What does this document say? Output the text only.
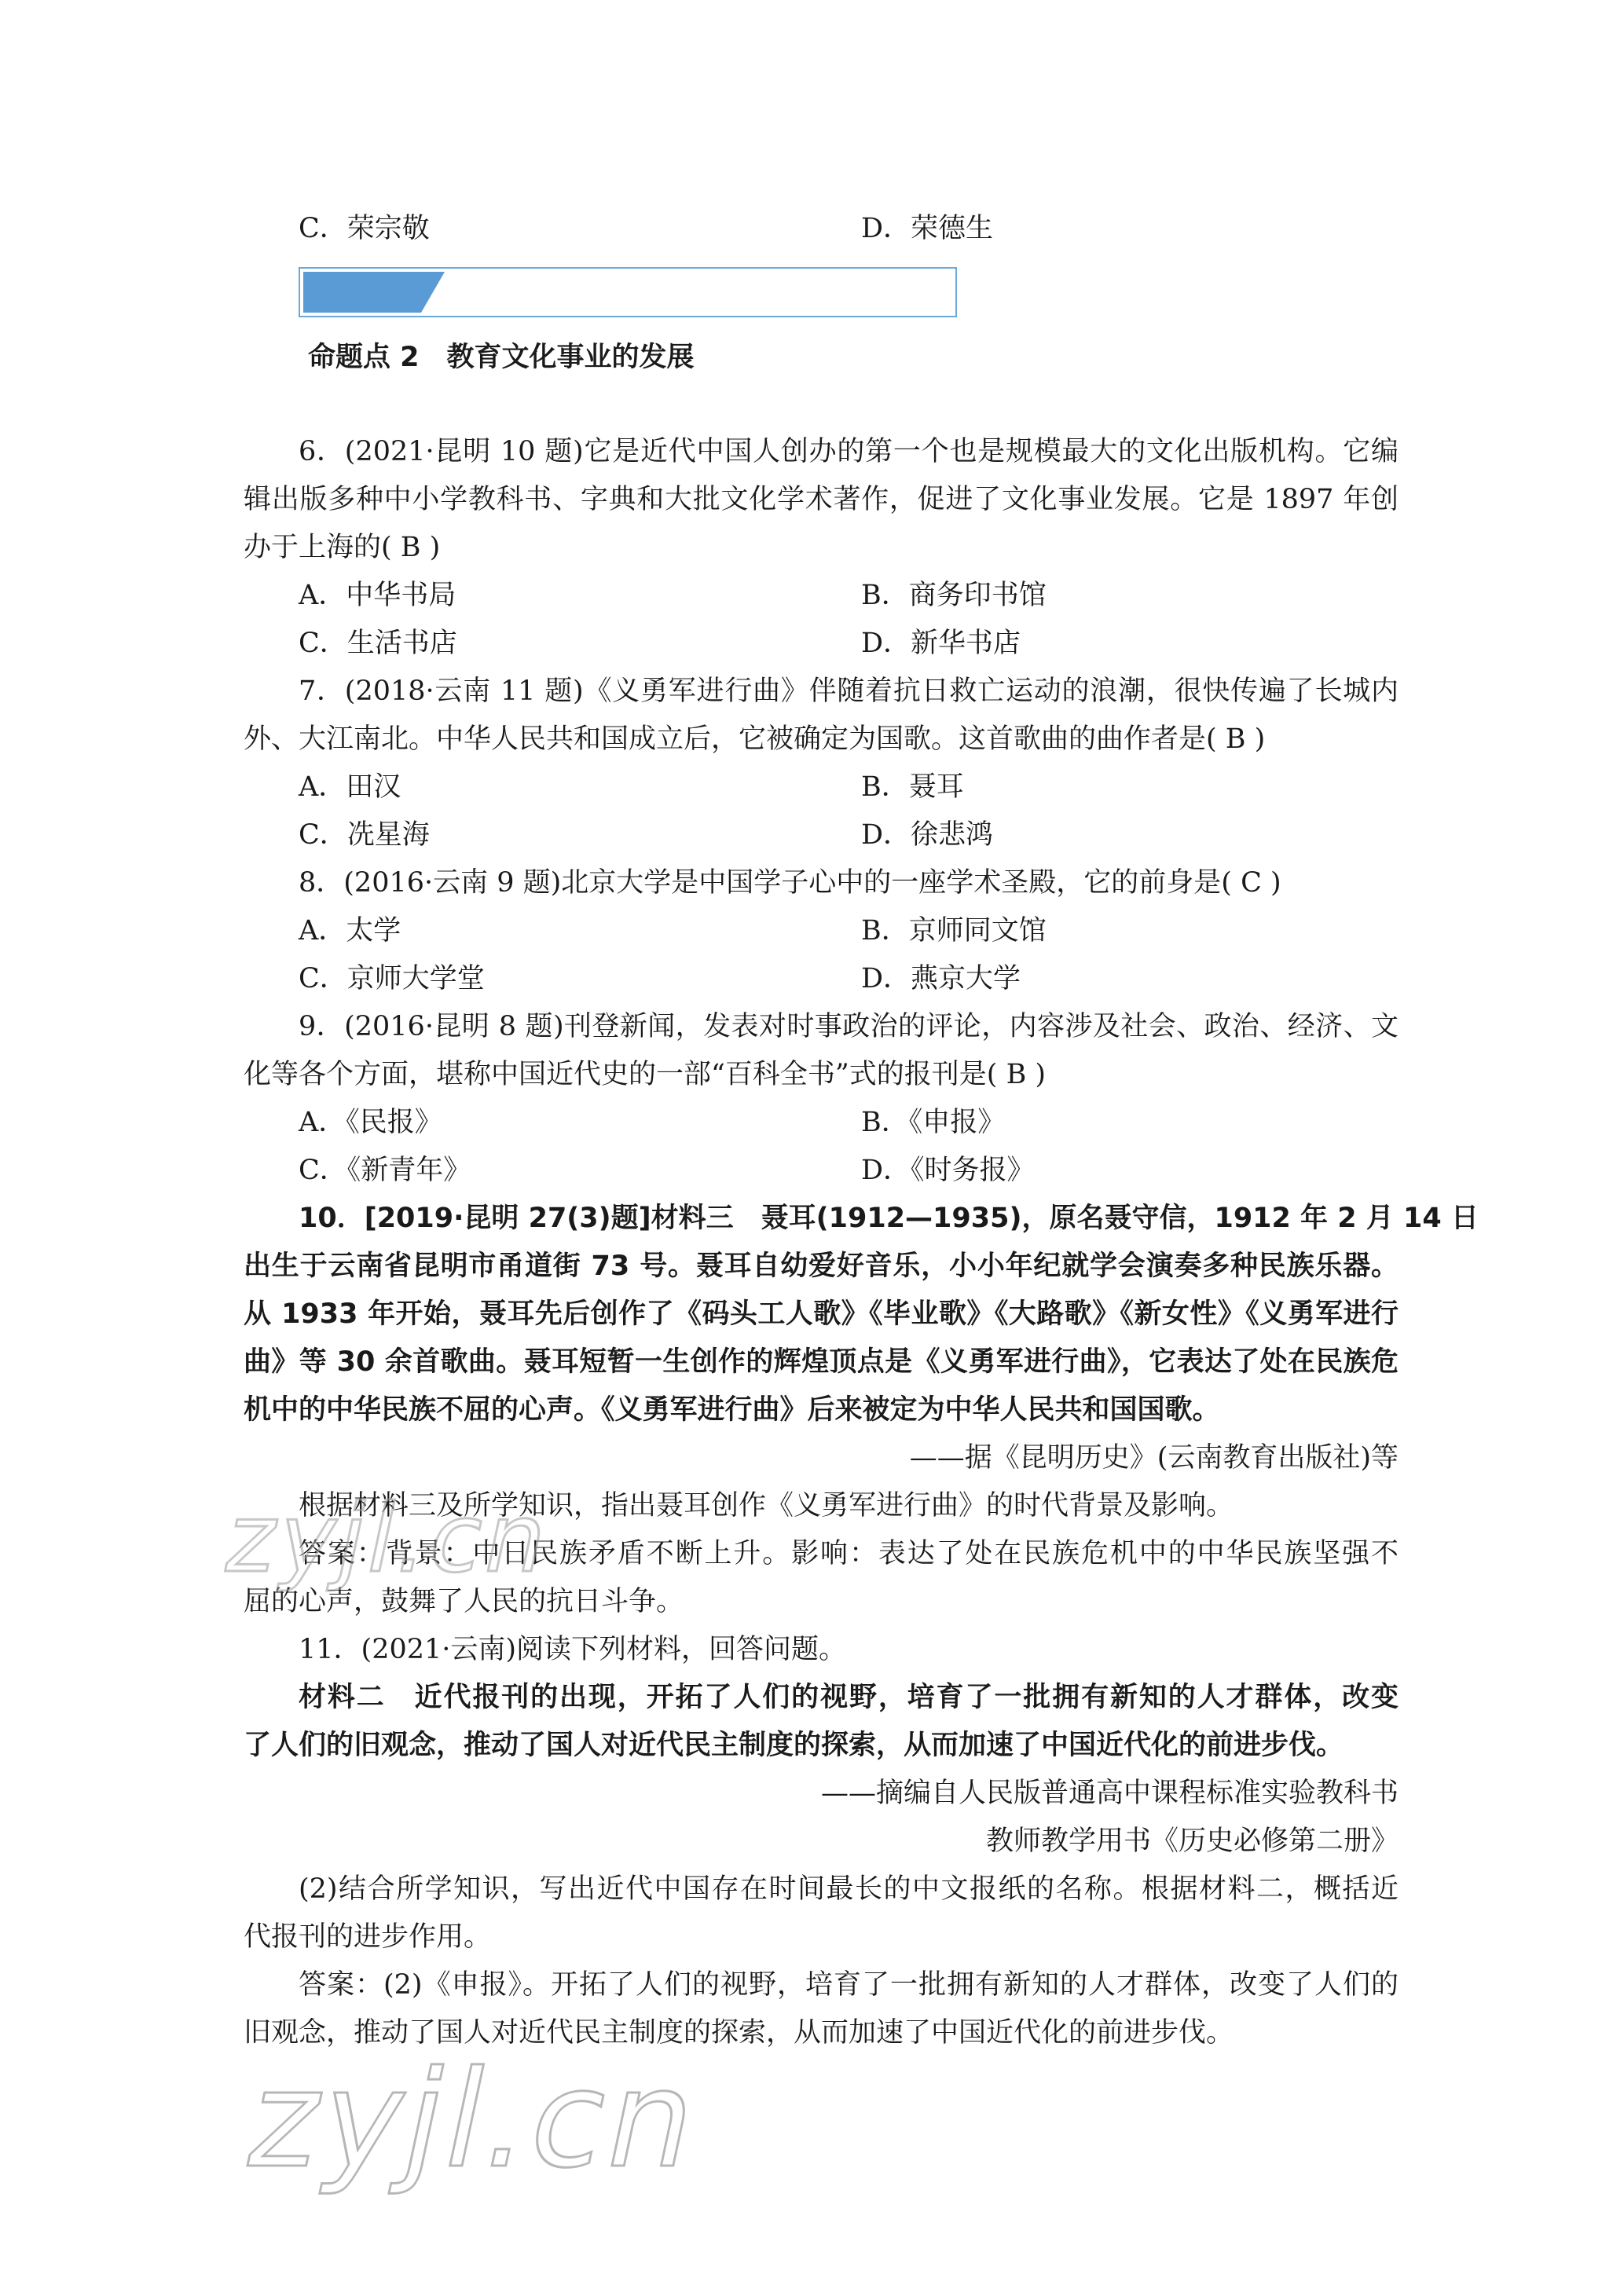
C．荣宗敬	D．荣德生
命题点 2　教育文化事业的发展
6．(2021·昆明 10 题)它是近代中国人创办的第一个也是规模最大的文化出版机构。它编
辑出版多种中小学教科书、字典和大批文化学术著作，促进了文化事业发展。它是 1897 年创
办于上海的( B )
A．中华书局	B．商务印书馆
C．生活书店	D．新华书店
7．(2018·云南 11 题)《义勇军进行曲》伴随着抗日救亡运动的浪潮，很快传遍了长城内
外、大江南北。中华人民共和国成立后，它被确定为国歌。这首歌曲的曲作者是( B )
A．田汉	B．聂耳
C．冼星海	D．徐悲鸿
8．(2016·云南 9 题)北京大学是中国学子心中的一座学术圣殿，它的前身是( C )
A．太学	B．京师同文馆
C．京师大学堂	D．燕京大学
9．(2016·昆明 8 题)刊登新闻，发表对时事政治的评论，内容涉及社会、政治、经济、文
化等各个方面，堪称中国近代史的一部“百科全书”式的报刊是( B )
A．《民报》	B．《申报》
C．《新青年》	D．《时务报》
10．[2019·昆明 27(3)题]材料三　聂耳(1912—1935)，原名聂守信，1912 年 2 月 14 日
出生于云南省昆明市甬道街 73 号。聂耳自幼爱好音乐，小小年纪就学会演奏多种民族乐器。
从 1933 年开始，聂耳先后创作了《码头工人歌》《毕业歌》《大路歌》《新女性》《义勇军进行
曲》等 30 余首歌曲。聂耳短暂一生创作的辉煌顶点是《义勇军进行曲》，它表达了处在民族危
机中的中华民族不屈的心声。《义勇军进行曲》后来被定为中华人民共和国国歌。
——据《昆明历史》(云南教育出版社)等
根据材料三及所学知识，指出聂耳创作《义勇军进行曲》的时代背景及影响。
答案：背景：中日民族矛盾不断上升。影响：表达了处在民族危机中的中华民族坚强不
屈的心声，鼓舞了人民的抗日斗争。
11．(2021·云南)阅读下列材料，回答问题。
材料二　近代报刊的出现，开拓了人们的视野，培育了一批拥有新知的人才群体，改变
了人们的旧观念，推动了国人对近代民主制度的探索，从而加速了中国近代化的前进步伐。
——摘编自人民版普通高中课程标准实验教科书
教师教学用书《历史必修第二册》
(2)结合所学知识，写出近代中国存在时间最长的中文报纸的名称。根据材料二，概括近
代报刊的进步作用。
答案：(2)《申报》。开拓了人们的视野，培育了一批拥有新知的人才群体，改变了人们的
旧观念，推动了国人对近代民主制度的探索，从而加速了中国近代化的前进步伐。
zyjl.cn
zyjl.cn
